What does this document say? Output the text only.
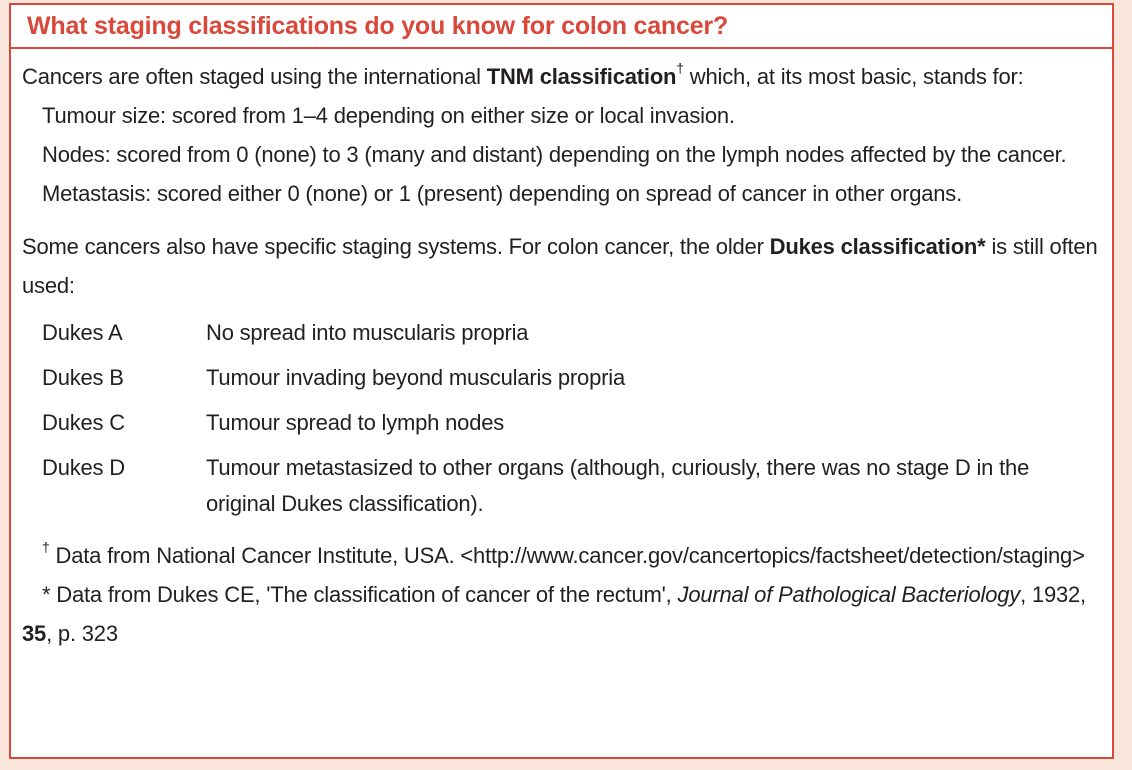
What staging classifications do you know for colon cancer?

Cancers are often staged using the international TNM classification† which, at its most basic, stands for:

Tumour size: scored from 1–4 depending on either size or local invasion.

Nodes: scored from 0 (none) to 3 (many and distant) depending on the lymph nodes affected by the cancer.

Metastasis: scored either 0 (none) or 1 (present) depending on spread of cancer in other organs.

Some cancers also have specific staging systems. For colon cancer, the older Dukes classification* is still often used:

Dukes A	No spread into muscularis propria
Dukes B	Tumour invading beyond muscularis propria
Dukes C	Tumour spread to lymph nodes
Dukes D	Tumour metastasized to other organs (although, curiously, there was no stage D in the original Dukes classification).

† Data from National Cancer Institute, USA. <http://www.cancer.gov/cancertopics/factsheet/detection/staging>

* Data from Dukes CE, 'The classification of cancer of the rectum', Journal of Pathological Bacteriology, 1932, 35, p. 323
